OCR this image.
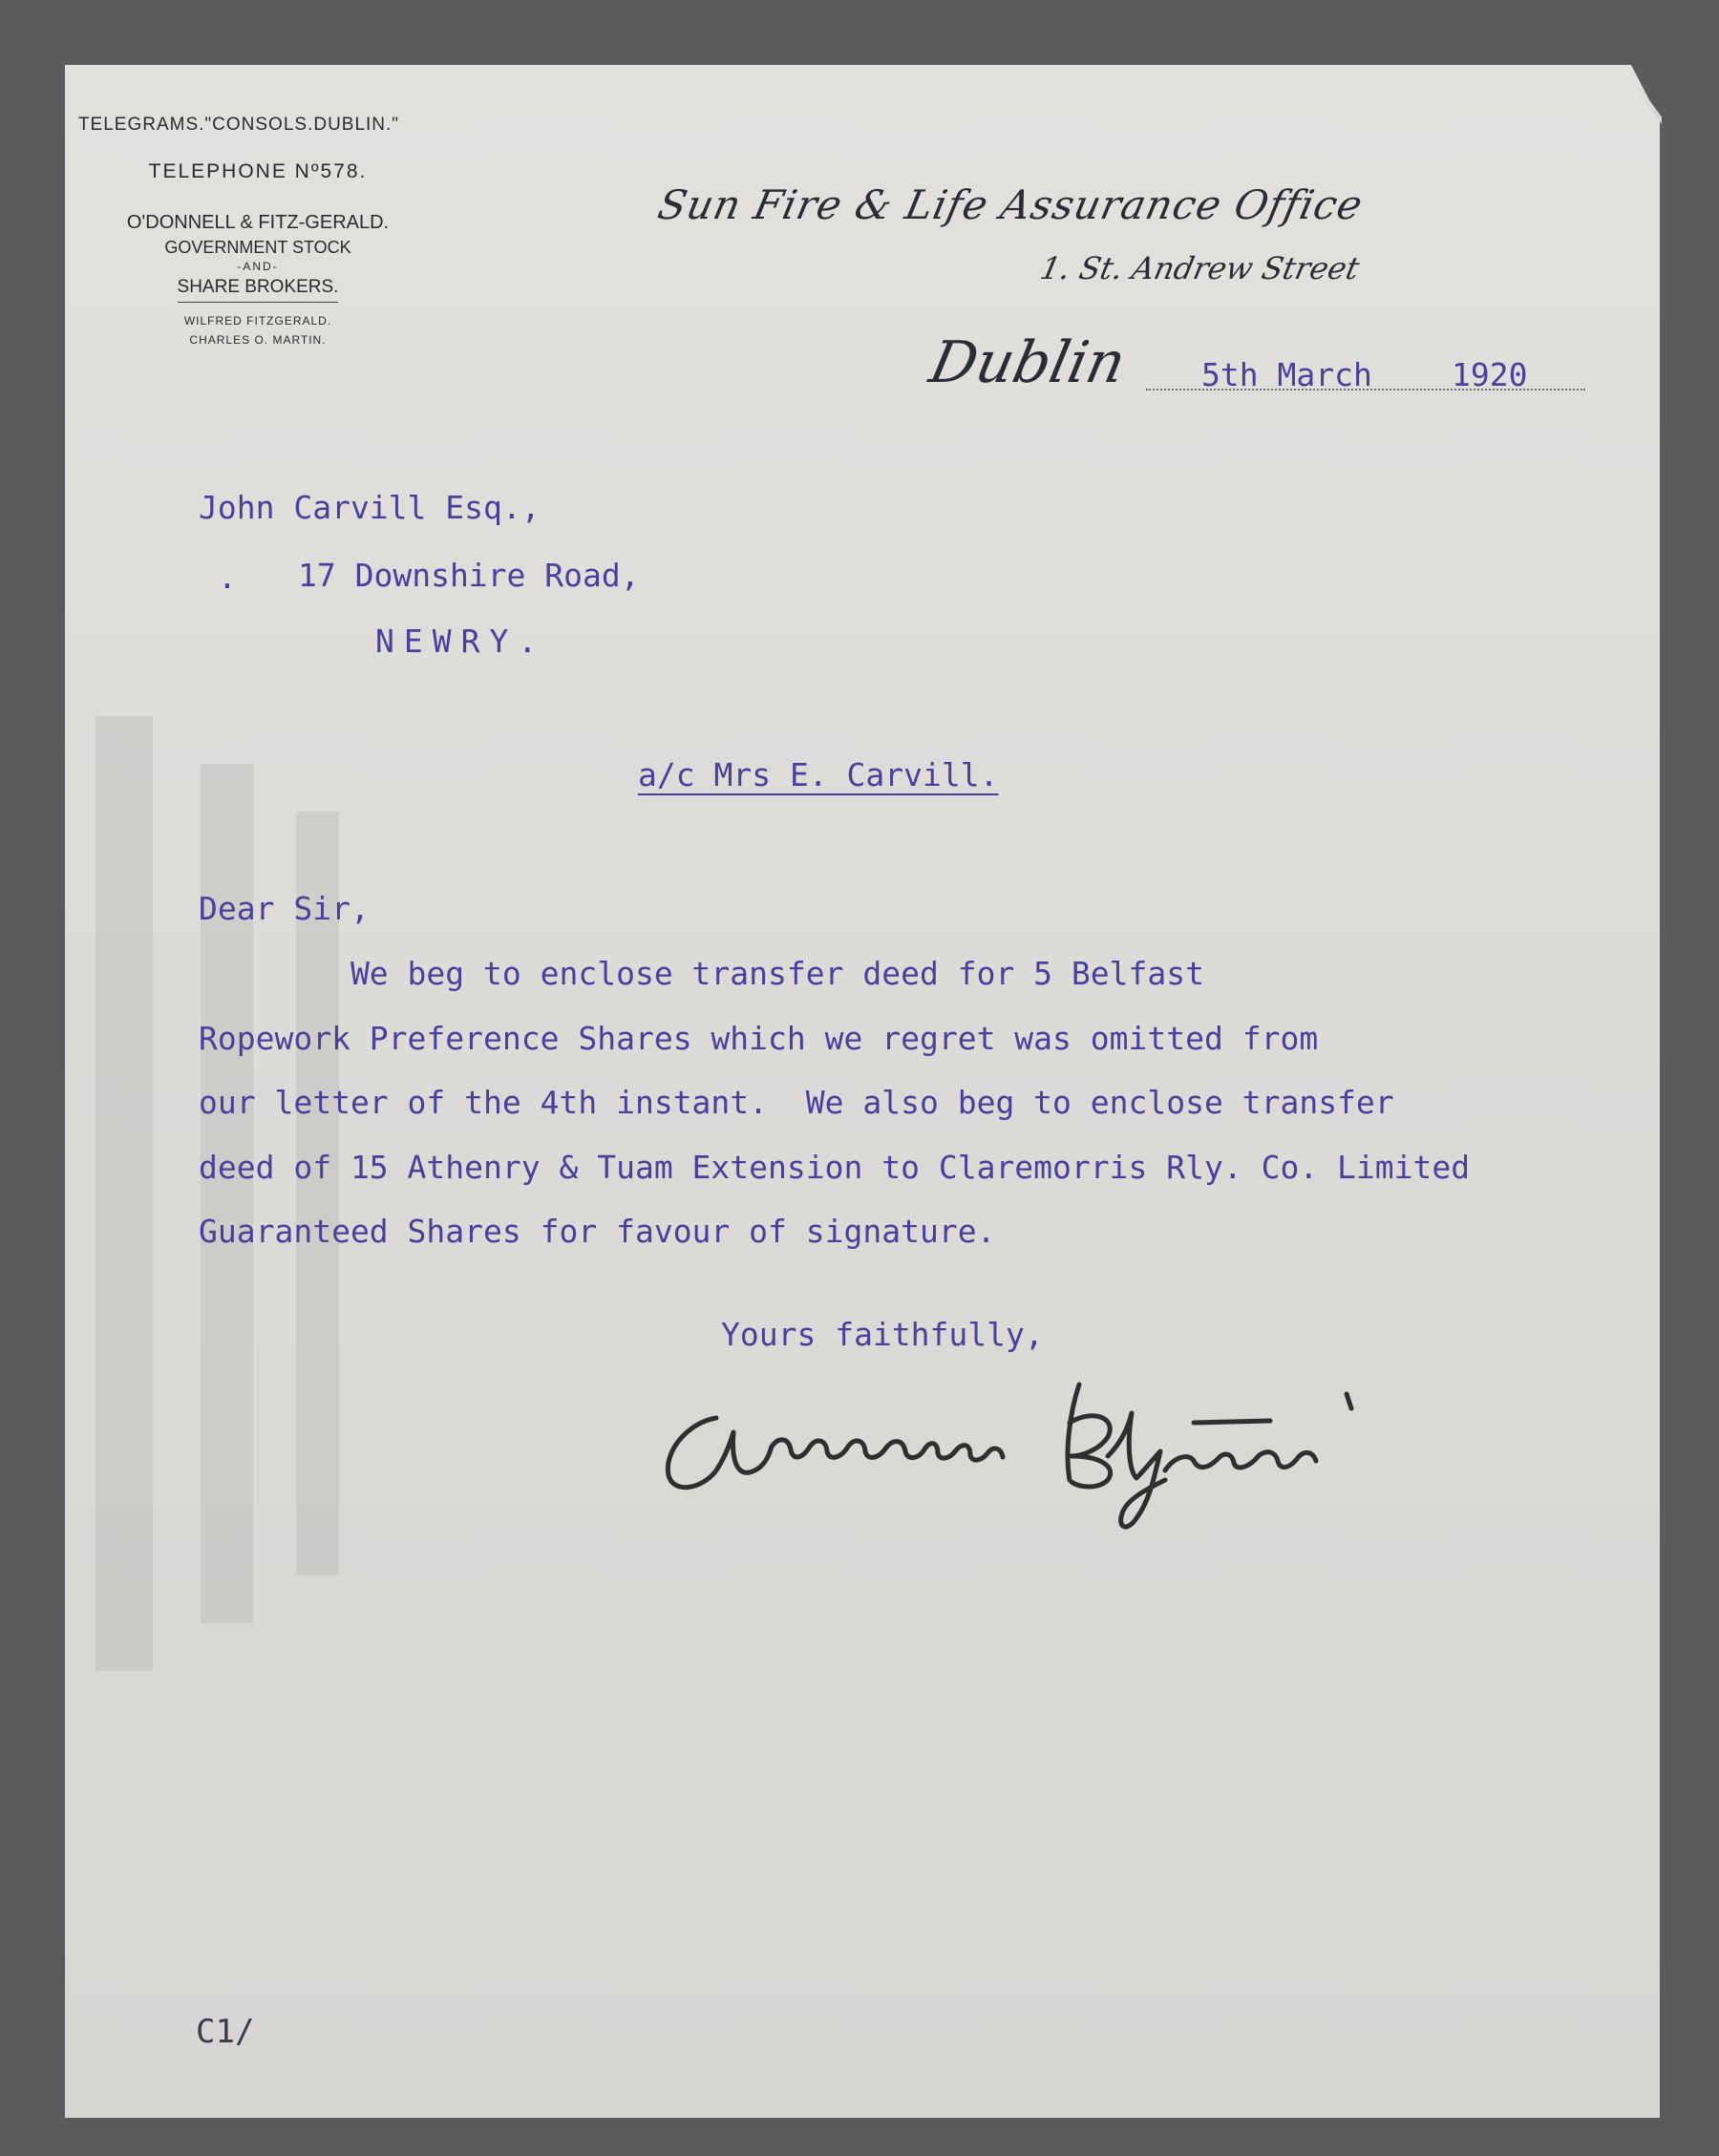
TELEGRAMS."CONSOLS.DUBLIN."
TELEPHONE Nº578.
O'DONNELL & FITZ-GERALD.
GOVERNMENT STOCK
-AND-
SHARE BROKERS.
WILFRED FITZGERALD.
CHARLES O. MARTIN.
Sun Fire & Life Assurance Office
1. St. Andrew Street
Dublin 5th March	1920
John Carvill Esq.,
. 17 Downshire Road,
NEWRY.
a/c Mrs E. Carvill.
Dear Sir,
We beg to enclose transfer deed for 5 Belfast
Ropework Preference Shares which we regret was omitted from
our letter of the 4th instant.  We also beg to enclose transfer
deed of 15 Athenry & Tuam Extension to Claremorris Rly. Co. Limited
Guaranteed Shares for favour of signature.
Yours faithfully,
C1/
